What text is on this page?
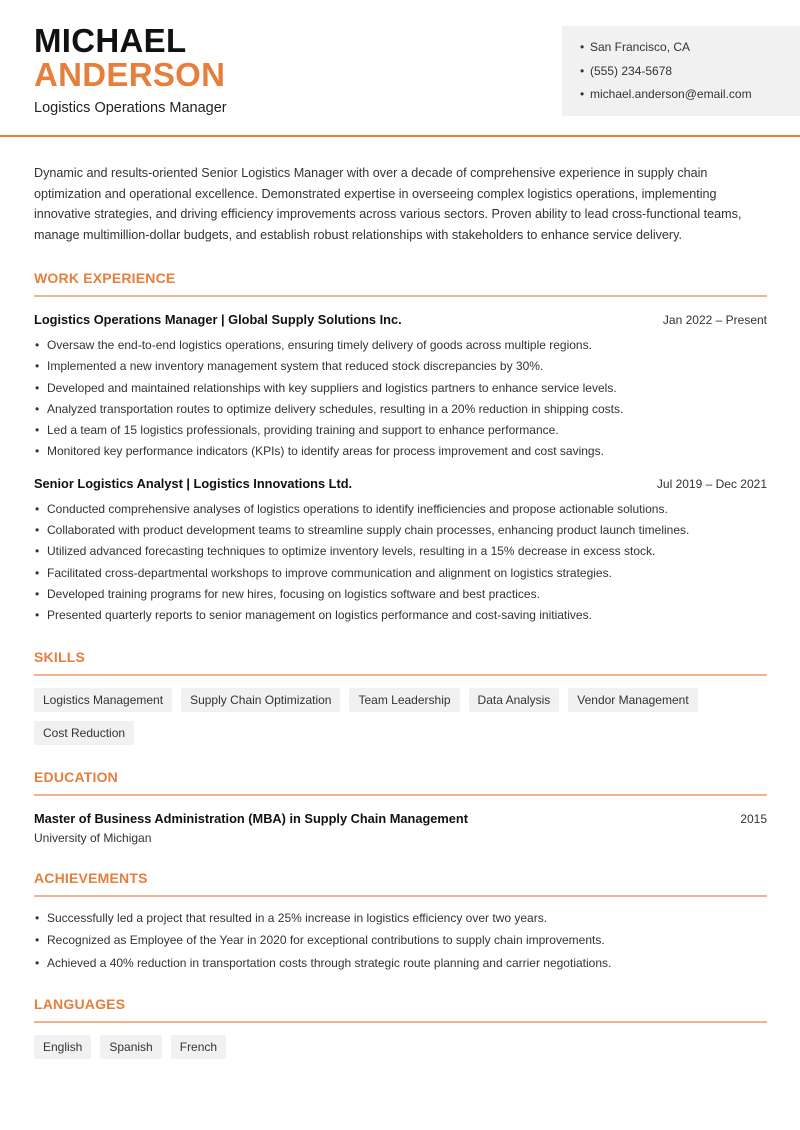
MICHAEL
ANDERSON
Logistics Operations Manager
• San Francisco, CA
• (555) 234-5678
• michael.anderson@email.com

Dynamic and results-oriented Senior Logistics Manager with over a decade of comprehensive experience in supply chain optimization and operational excellence. Demonstrated expertise in overseeing complex logistics operations, implementing innovative strategies, and driving efficiency improvements across various sectors. Proven ability to lead cross-functional teams, manage multimillion-dollar budgets, and establish robust relationships with stakeholders to enhance service delivery.

WORK EXPERIENCE
Logistics Operations Manager | Global Supply Solutions Inc.	Jan 2022 – Present
• Oversaw the end-to-end logistics operations, ensuring timely delivery of goods across multiple regions.
• Implemented a new inventory management system that reduced stock discrepancies by 30%.
• Developed and maintained relationships with key suppliers and logistics partners to enhance service levels.
• Analyzed transportation routes to optimize delivery schedules, resulting in a 20% reduction in shipping costs.
• Led a team of 15 logistics professionals, providing training and support to enhance performance.
• Monitored key performance indicators (KPIs) to identify areas for process improvement and cost savings.
Senior Logistics Analyst | Logistics Innovations Ltd.	Jul 2019 – Dec 2021
• Conducted comprehensive analyses of logistics operations to identify inefficiencies and propose actionable solutions.
• Collaborated with product development teams to streamline supply chain processes, enhancing product launch timelines.
• Utilized advanced forecasting techniques to optimize inventory levels, resulting in a 15% decrease in excess stock.
• Facilitated cross-departmental workshops to improve communication and alignment on logistics strategies.
• Developed training programs for new hires, focusing on logistics software and best practices.
• Presented quarterly reports to senior management on logistics performance and cost-saving initiatives.
SKILLS
Logistics Management	Supply Chain Optimization	Team Leadership	Data Analysis	Vendor Management
Cost Reduction
EDUCATION
Master of Business Administration (MBA) in Supply Chain Management	2015
University of Michigan
ACHIEVEMENTS
• Successfully led a project that resulted in a 25% increase in logistics efficiency over two years.
• Recognized as Employee of the Year in 2020 for exceptional contributions to supply chain improvements.
• Achieved a 40% reduction in transportation costs through strategic route planning and carrier negotiations.
LANGUAGES
English	Spanish	French
